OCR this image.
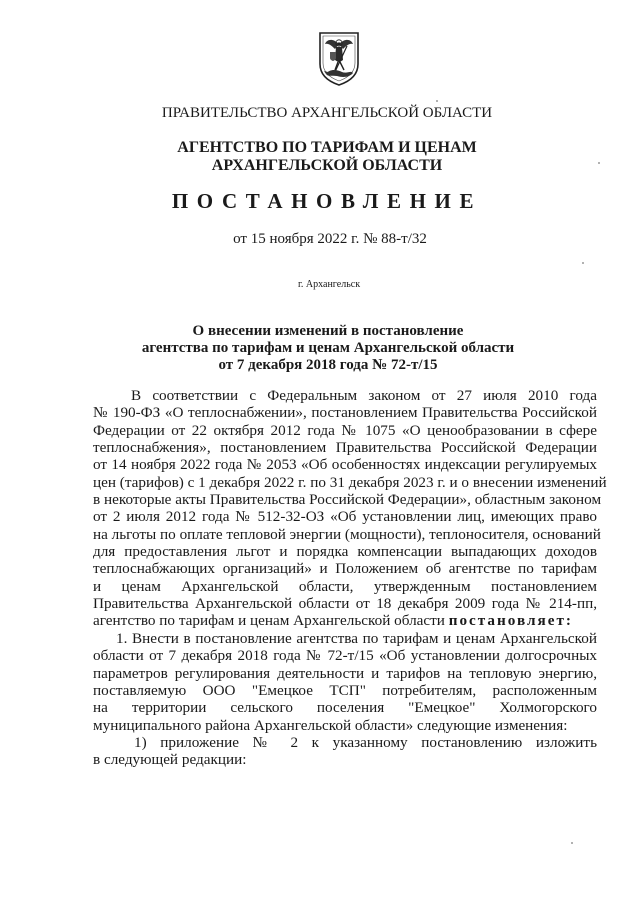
ПРАВИТЕЛЬСТВО АРХАНГЕЛЬСКОЙ ОБЛАСТИ
АГЕНТСТВО ПО ТАРИФАМ И ЦЕНАМ
АРХАНГЕЛЬСКОЙ ОБЛАСТИ
ПОСТАНОВЛЕНИЕ
от 15 ноября 2022 г. № 88-т/32
г. Архангельск
О внесении изменений в постановление
агентства по тарифам и ценам Архангельской области
от 7 декабря 2018 года № 72-т/15
В соответствии с Федеральным законом от 27 июля 2010 года
№ 190-ФЗ «О теплоснабжении», постановлением Правительства Российской
Федерации от 22 октября 2012 года № 1075 «О ценообразовании в сфере
теплоснабжения», постановлением Правительства Российской Федерации
от 14 ноября 2022 года № 2053 «Об особенностях индексации регулируемых
цен (тарифов) с 1 декабря 2022 г. по 31 декабря 2023 г. и о внесении изменений
в некоторые акты Правительства Российской Федерации», областным законом
от 2 июля 2012 года № 512-32-ОЗ «Об установлении лиц, имеющих право
на льготы по оплате тепловой энергии (мощности), теплоносителя, оснований
для предоставления льгот и порядка компенсации выпадающих доходов
теплоснабжающих организаций» и Положением об агентстве по тарифам
и ценам Архангельской области, утвержденным постановлением
Правительства Архангельской области от 18 декабря 2009 года № 214-пп,
агентство по тарифам и ценам Архангельской области постановляет:
1. Внести в постановление агентства по тарифам и ценам Архангельской
области от 7 декабря 2018 года № 72-т/15 «Об установлении долгосрочных
параметров регулирования деятельности и тарифов на тепловую энергию,
поставляемую ООО "Емецкое ТСП" потребителям, расположенным
на территории сельского поселения "Емецкое" Холмогорского
муниципального района Архангельской области» следующие изменения:
1) приложение № 2 к указанному постановлению изложить
в следующей редакции:
